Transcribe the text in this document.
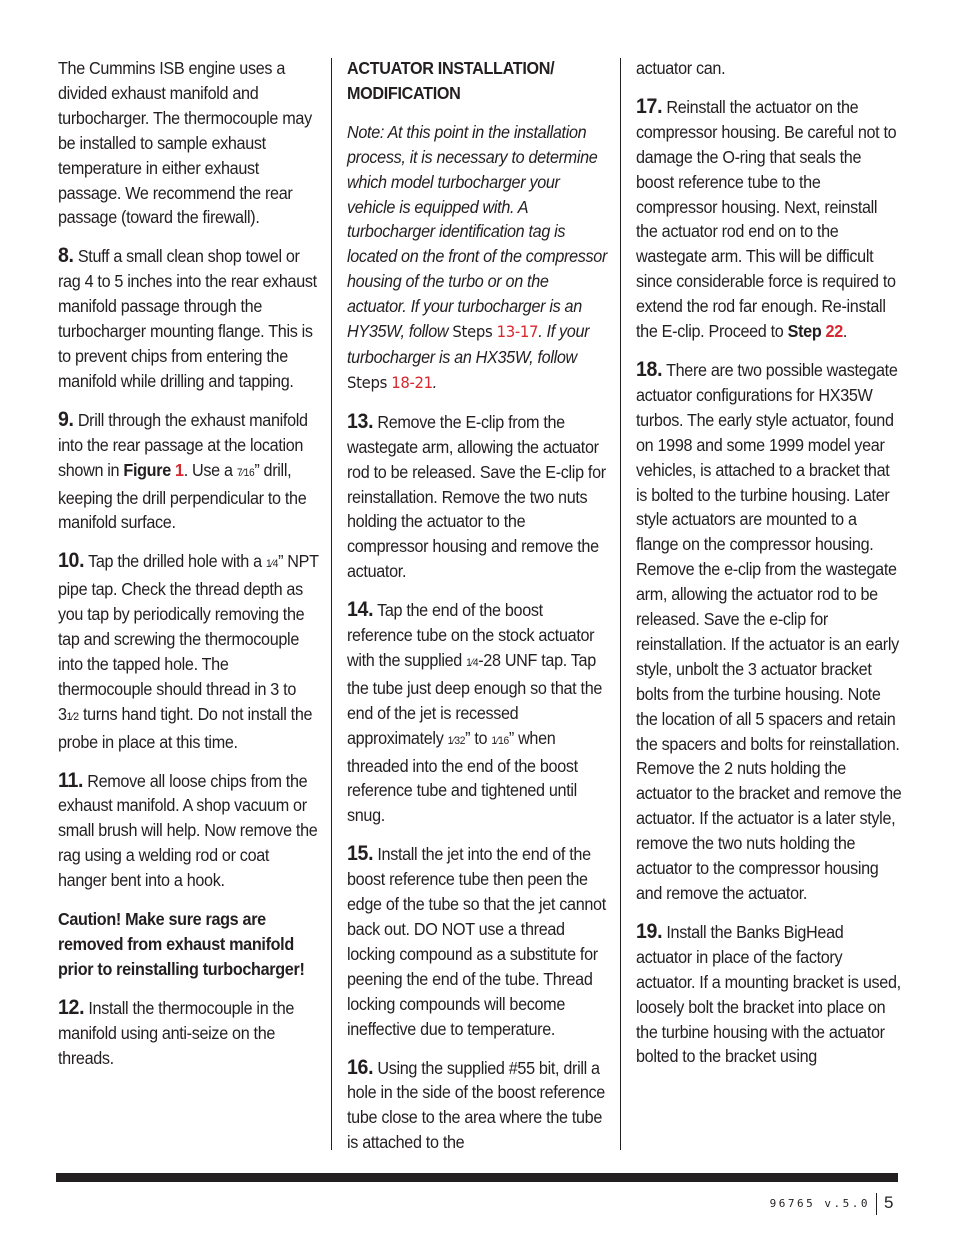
The Cummins ISB engine uses a divided exhaust manifold and turbocharger. The thermocouple may be installed to sample exhaust temperature in either exhaust passage. We recommend the rear passage (toward the firewall).

8. Stuff a small clean shop towel or rag 4 to 5 inches into the rear exhaust manifold passage through the turbocharger mounting flange. This is to prevent chips from entering the manifold while drilling and tapping.

9. Drill through the exhaust manifold into the rear passage at the location shown in Figure 1. Use a 7⁄16” drill, keeping the drill perpendicular to the manifold surface.

10. Tap the drilled hole with a 1⁄4” NPT pipe tap. Check the thread depth as you tap by periodically removing the tap and screwing the thermocouple into the tapped hole. The thermocouple should thread in 3 to 31⁄2 turns hand tight. Do not install the probe in place at this time.

11. Remove all loose chips from the exhaust manifold. A shop vacuum or small brush will help. Now remove the rag using a welding rod or coat hanger bent into a hook.

Caution! Make sure rags are removed from exhaust manifold prior to reinstalling turbocharger!

12. Install the thermocouple in the manifold using anti-seize on the threads.

ACTUATOR INSTALLATION/ MODIFICATION

Note: At this point in the installation process, it is necessary to determine which model turbocharger your vehicle is equipped with. A turbocharger identification tag is located on the front of the compressor housing of the turbo or on the actuator. If your turbocharger is an HY35W, follow Steps 13-17. If your turbocharger is an HX35W, follow Steps 18-21.

13. Remove the E-clip from the wastegate arm, allowing the actuator rod to be released. Save the E-clip for reinstallation. Remove the two nuts holding the actuator to the compressor housing and remove the actuator.

14. Tap the end of the boost reference tube on the stock actuator with the supplied 1⁄4-28 UNF tap. Tap the tube just deep enough so that the end of the jet is recessed approximately 1⁄32” to 1⁄16” when threaded into the end of the boost reference tube and tightened until snug.

15. Install the jet into the end of the boost reference tube then peen the edge of the tube so that the jet cannot back out. DO NOT use a thread locking compound as a substitute for peening the end of the tube. Thread locking compounds will become ineffective due to temperature.

16. Using the supplied #55 bit, drill a hole in the side of the boost reference tube close to the area where the tube is attached to the

actuator can.

17. Reinstall the actuator on the compressor housing. Be careful not to damage the O-ring that seals the boost reference tube to the compressor housing. Next, reinstall the actuator rod end on to the wastegate arm. This will be difficult since considerable force is required to extend the rod far enough. Re-install the E-clip. Proceed to Step 22.

18. There are two possible wastegate actuator configurations for HX35W turbos. The early style actuator, found on 1998 and some 1999 model year vehicles, is attached to a bracket that is bolted to the turbine housing. Later style actuators are mounted to a flange on the compressor housing. Remove the e-clip from the wastegate arm, allowing the actuator rod to be released. Save the e-clip for reinstallation. If the actuator is an early style, unbolt the 3 actuator bracket bolts from the turbine housing. Note the location of all 5 spacers and retain the spacers and bolts for reinstallation. Remove the 2 nuts holding the actuator to the bracket and remove the actuator. If the actuator is a later style, remove the two nuts holding the actuator to the compressor housing and remove the actuator.

19. Install the Banks BigHead actuator in place of the factory actuator. If a mounting bracket is used, loosely bolt the bracket into place on the turbine housing with the actuator bolted to the bracket using

96765 v.5.0 5
